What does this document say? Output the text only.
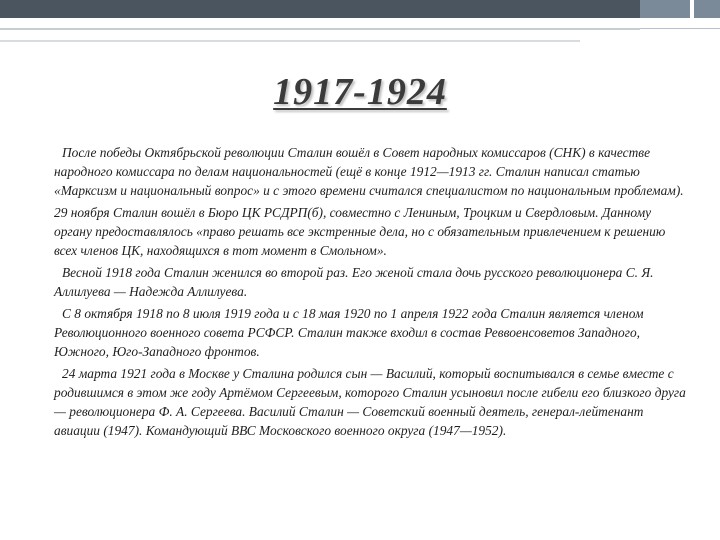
1917-1924

После победы Октябрьской революции Сталин вошёл в Совет народных комиссаров (СНК) в качестве народного комиссара по делам национальностей (ещё в конце 1912—1913 гг. Сталин написал статью «Марксизм и национальный вопрос» и с этого времени считался специалистом по национальным проблемам).

29 ноября Сталин вошёл в Бюро ЦК РСДРП(б), совместно с Лениным, Троцким и Свердловым. Данному органу предоставлялось «право решать все экстренные дела, но с обязательным привлечением к решению всех членов ЦК, находящихся в тот момент в Смольном».

Весной 1918 года Сталин женился во второй раз. Его женой стала дочь русского революционера С. Я. Аллилуева — Надежда Аллилуева.

С 8 октября 1918 по 8 июля 1919 года и с 18 мая 1920 по 1 апреля 1922 года Сталин является членом Революционного военного совета РСФСР. Сталин также входил в состав Реввоенсоветов Западного, Южного, Юго-Западного фронтов.

24 марта 1921 года в Москве у Сталина родился сын — Василий, который воспитывался в семье вместе с родившимся в этом же году Артёмом Сергеевым, которого Сталин усыновил после гибели его близкого друга — революционера Ф. А. Сергеева. Василий Сталин — Советский военный деятель, генерал-лейтенант авиации (1947). Командующий ВВС Московского военного округа (1947—1952).
